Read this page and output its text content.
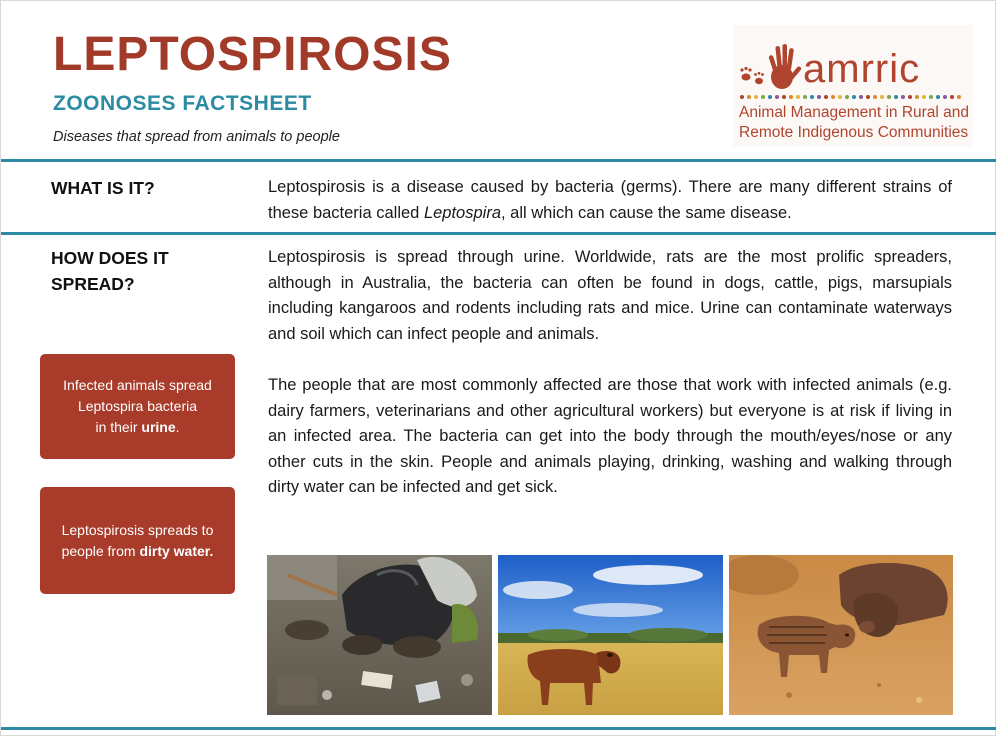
LEPTOSPIROSIS
ZOONOSES FACTSHEET
Diseases that spread from animals to people
amrric
Animal Management in Rural and
Remote Indigenous Communities
WHAT IS IT?	Leptospirosis is a disease caused by bacteria (germs). There are many different strains of these bacteria called Leptospira, all which can cause the same disease.
HOW DOES IT
SPREAD?
Leptospirosis is spread through urine. Worldwide, rats are the most prolific spreaders, although in Australia, the bacteria can often be found in dogs, cattle, pigs, marsupials including kangaroos and rodents including rats and mice. Urine can contaminate waterways and soil which can infect people and animals.
The people that are most commonly affected are those that work with infected animals (e.g. dairy farmers, veterinarians and other agricultural workers) but everyone is at risk if living in an infected area. The bacteria can get into the body through the mouth/eyes/nose or any other cuts in the skin. People and animals playing, drinking, washing and walking through dirty water can be infected and get sick.
Infected animals spread
Leptospira bacteria
in their urine.
Leptospirosis spreads to
people from dirty water.
